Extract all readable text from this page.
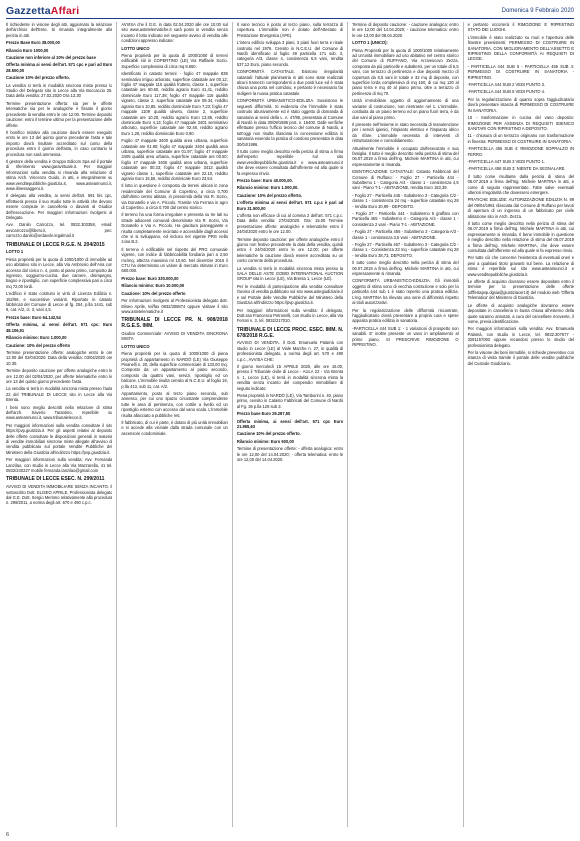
GazzettaAffari	Domenica 9 Febbraio 2020

Il richiedente in visione degli atti, aggiornato la relazione dell'archivio dell'Ente. Si rimanda integralmente alla perizia in atti.

Prezzo Base Euro 38.000,00

Rilancio Euro 1000,00

Cauzione non inferiore al 10% del prezzo base

Offerta minima ai sensi dell'art. 571 cpc e pari ad Euro 28.500,00

Cauzione 10% del prezzo offerto.

La vendita si terrà in modalità sincrona mista presso lo Studio del Delegato sito in Lecce alla Via Boccaccio 25. Data della vendita: 27.02.2020 Ora 13.30

Termine presentazione offerta: sia per le offerte telematiche sia per le analogiche è fissato il giorno precedente la vendita entro le ore 12.00. Termine deposito cauzione: entro il termine ultimo per la presentazione delle offerte.

Il bonifico relativo alla cauzione dovrà essere eseguito entro le ore 13 del quinto giorno precedente l'asta e tale importo dovrà risultare accreditato sul conto della procedura entro il giorno dell'asta, in caso contrario la procedura non sarà ammessa.

Il gestore della vendita è Gruppo Edicom Spa ed il portale di riferimento www.garavirtuale.it. Per maggiori informazioni sulla vendita si rimanda alla relazione di stima Arch. Vincenzo Guido, in atti, e integralmente su www.venditepubbliche.giustizia.it, www.asteannunci.it, www.ilmessaggero.it.

Il delegato alla vendita, ai sensi dell'art. 591 bis cpc, effettuerà presso il suo studio tutte le attività che devono essere compiute in cancelleria o davanti al Giudice dell'esecuzione. Per maggiori informazioni rivolgersi al Delegato.

Avv. Danilo Carrozzo, tel. 0832.303358, email: avvcarrozzo@libero.it, pec: carrozzo.danilo@ordavvle.legalmail.it

TRIBUNALE DI LECCE R.G.E. N. 204/2015

LOTTO 1

Piena proprietà per la quota di 1000/1000 di immobile ad uso abitativo sito in Lecce, alla Via Ambrosio dell'Aria con accesso dal civico n. 4, posto al piano primo, composto da ingresso, soggiorno-cucina, due camere, disimpegno, bagno e ripostiglio, con superficie complessiva pari a circa mq 72,00 lordi.

L'edificio è stato costruito in virtù di Licenza Edilizia n. 152/66, e successive varianti. Riportato in catasto fabbricati del Comune di Lecce al fg. 254, p.lla 1441, sub 9, cat. A/2, cl. 3, vani 4,5.

Prezzo base: Euro 64.142,54

Offerta minima, ai sensi dell'art. 571 cpc: Euro 48.106,91

Rilancio minimo: Euro 1.000,00

Cauzione: 10% del prezzo offerto

Termine presentazione offerte: analogiche entro le ore 12.00 del 02/04/2020. Data della vendita: 03/04/2020 ore 10.30.

Termine deposito cauzione per offerte analogiche entro le ore 12.00 del 02/04/2020, per offerte telematiche entro le ore 13 del quinto giorno precedente l'asta.

La vendita si terrà in modalità sincrona mista presso l'aula 22 del TRIBUNALE DI LECCE sito in Lecce alla Via Brenta.

I beni sono meglio descritti nella relazione di stima dell'arch. Saverio Tarantino, reperibile su www.asteannunci.it, www.tribunalelecce.it.

Per maggiori informazioni sulla vendita consultare il sito https://pvp.giustizia.it. Per gli aspetti relativi al deposito delle offerte consultare le disposizioni generali in materia di vendite immobiliari sincrone miste allegate all'avviso di vendita pubblicato sul portale Vendite Pubbliche del Ministero della Giustizia all'indirizzo https://pvp.giustizia.it.

Per maggiori informazioni sulla vendita: Avv. Fernanda Lanzilao, con studio in Lecce alla Via Mazzarella, 41 tel. 0832/240227 mobile fernanda.lanzilao@gmail.com

TRIBUNALE DI LECCE ESEC. N. 299/2011

AVVISO DI VENDITA IMMOBILIARE SENZA INCANTO. Il sottoscritto Dott. ELISEO APRILE, Professionista delegato dal G.E. Dott. Sergio Memmo relativamente alla procedura n. 299/2011, a norma degli art. 570 e 490 c.p.c.

AVVISA che il G.E. in data 02.04.2020 alle ore 10.00 sul sito www.astetelematiche.it sarà posto in vendita senza incanto il lotto indicato nel seguente avviso di vendita alle condizioni appresso indicate:

LOTTO UNICO

Piena proprietà per la quota di 1000/1000 di terreni edificabili siti in COPERTINO (LE) Via Raffaele Sozio. Superficie complessiva di circa mq 8.650.

Identificato in catasto terreni: - foglio 47 mappale 839 seminativo irriguo arborato, superficie catastale are 00.12; foglio 47 mappale 115 qualità frutteto, classe 1, superficie catastale are 60.60, reddito agrario Euro 41,41, reddito dominicale Euro 117,38; foglio 47 mappale 116 qualità vigneto, classe 2, superficie catastale are 09.34, reddito agrario Euro 10,85, reddito dominicale Euro 7,23; foglio 47 mappale 1109 qualità uliveto, classe 2, superficie catastale are 10.20, reddito agrario Euro 13,85, reddito dominicale Euro 4,13; foglio 47 mappale 3401 seminativo arborato, superficie catastale are 02.48, reddito agrario Euro 1,28, reddito dominicale Euro 0,90.

Foglio 47 mappale 3400 qualità area urbana, superficie catastale are 01.90; foglio 47 mappale 3404 qualità area urbana, superficie catastale are 01.97; foglio 47 mappale 3405 qualità area urbana, superficie catastale are 00.50; foglio 47 mappale 3406 qualità area urbana, superficie catastale are 00.33; foglio 47 mappale 3413 qualità vigneto classe 1, superficie catastale are 22.10, reddito agrario Euro 16,55, reddito dominicale Euro 23,54.

Il lotto in questione è composto da terreni ubicati in zona residenziale del Comune di Copertino, a circa 0,700 dall'ultimo centro abitato, in prossimità della Via R. Sozio, via Donatello e via A. Piccolo. Tramite Via Ferrara in agro di Copertino, a circa 0,700 dal centro storico.

Il terreno ha una forma irregolare e presenta su tre lati su strade adiacenti comunali denominate Via R. Sozio, Via Donatello e Via A. Piccolo. Ha giacitura pianeggiante e risulta completamente recintato e accessibile dagli accessi che vi si sviluppano, ed incluso nel vigente PRG nella zona B.2.

Il terreno è edificabile nel rispetto del PRG comunale vigente, con indice di fabbricabilità fondiaria pari a 2,50 mc/mq, altezza massima ml 10,50. Nel dicembre 2016 il CTU ha determinato un valore di mercato stimato in Euro 680.000.

Prezzo base: Euro 330.000,00

Rilancio minimo: Euro 10.000,00

Cauzione: 10% del prezzo offerto

Per informazioni rivolgersi al Professionista delegato dott. Eliseo Aprile, tel/fax 0832/308874 oppure visitare il sito www.astetelematiche.it

TRIBUNALE DI LECCE PR. N. 908/2018 R.G.E.S. IMM.

Giudice Commerciale: AVVISO DI VENDITA SINCRONA MISTA

LOTTO UNICO

Piena proprietà per la quota di 1000/1000 di piena proprietà di appartamento in NARDÒ (LE) Via Giuseppe Pisanelli n. 20, della superficie commerciale di 133,00 mq. Composto da: un appartamento al piano secondo, composto da quattro vani, servizi, ripostiglio ed un balcone. L'immobile risulta censito al N.C.E.U. al foglio 19, p.lla 413, sub 11, cat. A/2.

Appartamento, posto al terzo piano secondo, sub annesso, per cui uno spazio circostante comprendente tutte le area di pertinenza, con cortile a livello ed un ripostiglio esterno con accesso dal vano scala. L'immobile risulta allacciato a pubbliche reti.

Il fabbricato, di cui è parte, è dotato di più unità immobiliari e si accede alla vicinale dalla strada comunale con un ascensore condominiale.

Il vano tecnico è posto al terzo piano, sulla terrazza di copertura. L'immobile non è dotato dell'Attestato di Prestazione Energetica (APE).

L'intero edificio sviluppa 3 piani, 3 piani fuori terra e risale costruito nel 1976. Censito in N.C.E.U. del Comune di Nardò identificato al foglio 49 particella 171 sub. 3, categoria A/3, classe 4, consistenza 6,5 vani, rendita 537,12 Euro, piano secondo.

CONFORMITÀ CATASTALE. Esistono irregolarità catastali: l'attuale planimetria in atti sono state realizzati alcuni tramezzi corrispondenti a due posti luce ed è stata chiusa una porta nel corridoio, e pertanto è necessario far redigere la nuova pratica catastale.

CONFORMITÀ URBANISTICO-EDILIZIA. Sussistono le seguenti difformità. Si evidenzia che l'immobile è stato costruito abusivamente ed è stato oggetto di domanda di sanatoria ai sensi della L. n. 47/85, presentata al Comune di Nardò in data 30/09/1986 prot. n. 16400. Dalle verifiche effettuate presso l'ufficio tecnico del comune di Nardò, a tutt'oggi non risulta rilasciata la concessione edilizia in sanatoria essendo la pratica di condono presentata in data 30/04/1986.

Il tutto come meglio descritto nella perizia di stima a firma dell'esperto reperibile sul sito www.venditepubbliche.giustizia.it e www.asteannunci.it che deve essere consultata dall'offerente ed alla quale si fa espresso rinvio.

Prezzo base: Euro 40.000,00.

Rilancio minimo: Euro 1.000,00.

Cauzione: 10% del prezzo offerto.

L'offerta minima ai sensi dell'art. 571 c.p.c è pari ad Euro 31.500,00

L'offerta non efficace di cui al comma 2 dell'art. 571 c.p.c. Data della vendita: 27/04/2020. Ora: 15.00 Termine presentazione offerte: analogiche e telematiche entro il 24/04/2020 entro le ore 12.00.

Termine deposito cauzione: per offerte analogiche entro il giorno non festivo precedente la data della vendita, quindi entro il 24/04/2020 entro le ore 12.00; per offerte telematiche la cauzione dovrà essere accreditata su un conto corrente della procedura.

La vendita si terrà in modalità sincrona mista presso la SALA DELLE ASTE GOBID INTERNATIONAL AUCTION GROUP sita in Lecce (LE), Via Brenta 1, Lecce (LE).

Per le modalità di partecipazione alla vendita consultare l'avviso di vendita pubblicato sul sito www.astegiudiziarie.it e sul Portale delle Vendite Pubbliche del Ministero della Giustizia all'indirizzo https://pvp.giustizia.it.

Per maggiori informazioni sulla vendita: il delegato, Dott.ssa Francesca Petronelli, con studio in Lecce, alla Via Ferrari n. 3, tel. 0832/217010.

TRIBUNALE DI LECCE PROC. ESEC. IMM. N. 678/2018 R.G.E.

AVVISO DI VENDITA. Il Dott. Emanuela Palamà con studio in Lecce (LE) al Viale Marche n. 27, in qualità di professionista delegato, a norma degli art. 570 e 490 c.p.c., AVVISA CHE:

Il giorno mercoledì 15 APRILE 2020, alle ore 16.00, presso il Tribunale civile di Lecce - AULA 22 - Via Brenta n. 1, Lecce (LE), si terrà in modalità sincrona mista la vendita senza incanto del compendio immobiliare di seguito indicato:

Piena proprietà in NARDÒ (LE), Via Tamburini n. 40, piano primo, censito in Catasto Fabbricati del Comune di Nardò al Fg. 36 p.lla 128 sub 3.

Prezzo base Euro 29.287,50

Offerta minima, ai sensi dell'art. 571 cpc Euro 21.965,63

Cauzione 10% del prezzo offerto.

Rilancio minimo: Euro 500,00

Termine di presentazione offerte: - offerta analogica: entro le ore 12,00 del 14.04.2020; - offerta telematica: entro le ore 12,00 del 14.04.2020.

Termine di deposito cauzione: - cauzione analogica: entro le ore 12,00 del 14.04.2020; - cauzione telematica: entro le ore 13,00 del 08.04.2020.

LOTTO 1 (UNICO):

Piena Proprietà per la quota di 1000/1000 relativamente ad un'unità immobiliare ad uso abitativo nel centro storico del Comune di RUFFANO, Via Arcivescovo Zezza, composta da più particelle e subalterni, per un totale di 6,5 vani, con terrazzo di pertinenza e due depositi mezzo di copertura da 6,5 vani in totale e 32 mq di deposito, con superficie lorda complessiva di mq 160, di cui mq 120 al piano terra e mq 40 al piano primo, oltre a terrazzo di pertinenza di mq 70.

Unità immobiliare oggetto di aggiornamento di una variante di costruzione, non rientrante nel 1. L'immobile, costituita da un piano terreno ed un piano fuori terra, è da due vani al piano primo.

Il presente nell'insieme in stato necessita di manutenzione per i servizi igienici, l'impianto elettrico e l'impianto idrico da rifare. L'immobile necessita di interventi di ristrutturazione e consolidamento.

Attualmente l'immobile è occupato dall'esecutato e sua famiglia. Il tutto è meglio descritto nella perizia di stima del 06.07.2019 a firma dell'Ing. Michele MARTINA in atti, cui espressamente si rimanda.

IDENTIFICAZIONE CATASTALE: Catasto Fabbricati del Comune di Ruffano: - Foglio 27 - Particella 444 - Subalterno 1 - Categoria A/4 - classe 1 - consistenza 4,5 vani - Piano T-1 - ABITAZIONE, rendita Euro 153,39.

- Foglio 27 - Particella 445 - Subalterno 3 - Categoria C/2 - classe 1 - consistenza 24 mq - superficie catastale mq 28 - rendita Euro 30,99 - DEPOSITO.

- Foglio 27 - Particella 444 - Subalterno 5 graffato con Particella 455 - Subalterno 4 - Categoria A/4 - classe 1 - consistenza 2 vani - Piano T-1 - ABITAZIONE.

- Foglio 27 - Particella 456 - Subalterno 3 - Categoria A/3 - classe 1 - consistenza 3,5 vani - ABITAZIONE.

- Foglio 27 - Particella 457 - Subalterno 3 - Categoria C/2 - classe 1 - Consistenza 23 mq - superficie catastale mq 28 - rendita Euro 38,73, DEPOSITO.

Il tutto come meglio descritto nella perizia di stima del 06.07.2019 a firma dell'ing. Michele MARTINA in atti, cui espressamente si rimanda.

CONFORMITÀ URBANISTICO-EDILIZIA. Gli immobili oggetto di stima sono di vecchia costruzione e solo per la particella 444 sub 1 è stato reperito una pratica edilizia. L'ing. MARTINA ha rilevato una serie di difformità rispetto ai titoli autorizzativi.

Per la regolarizzazione delle difformità riscontrate, l'aggiudicatario dovrà presentare a propria cura e spese apposita pratica edilizia in sanatoria.

-PARTICELLA 444 SUB 1: - 1 variazioni di prospetto non sanabili. E' inoltre presente un vano in ampliamento al primo piano. SI PRESCRIVE RIMOZIONE O RIPRISTINO.

e pertanto occorrerà il RIMOZIONE E RIPRISTINO STATO DEI LUOGHI.

L'immobile è stato realizzato su muri e l'apertura delle finestre preesistenti: PERMESSO DI COSTRUIRE IN SANATORIA, CON MIGLIORAMENTO DELL'ASSETTO E RIPRISTINO DELLA CONFORMITÀ AI REQUISITI DI LEGGE.

- PARTICELLA 444 SUB 5 - PARTICELLA 455 SUB 4: PERMESSO DI COSTRUIRE IN SANATORIA - RIPRISTINO.

-PARTICELLA 444 SUB 2 VEDI PUNTO 3.

-PARTICELLA 444 SUB 5 VEDI PUNTO 4.

Per la regolarizzazione di quanto sopra l'aggiudicatario dovrà presentare istanza di PERMESSO DI COSTRUIRE IN SANATORIA.

10 - trasformazione in cucina del vano deposito: RIMOZIONE PER ASSENZA DI REQUISITI IGIENICO SANITARI CON RIPRISTINO A DEPOSITO.

11 - chiusura di un terrazzo originario con trasformazione in finestra: PERMESSO DI COSTRUIRE IN SANATORIA.

-PARTICELLA 456 SUB 4: RIMOZIONE SOPRALZO IN FERRO.

-PARTICELLA 447 SUB 3 VEDI PUNTO 1.

-PARTICELLA 458 SUB 3: NIENTE DA SEGNALARE.

Il tutto come risultante dalla perizia di stima del 06.07.2019 a firma dell'Ing. Michele MARTINA in atti, e come di seguito rappresentato. Fatte salve eventuali ulteriori irregolarità che dovessero emergere.

PRATICHE EDILIZIE: AUTORIZZAZIONE EDILIZIA N. 99 del 09/04/1981 rilasciata dal Comune di Ruffano per lavori di apertura di un ingresso di un fabbricato per civile abitazione sito in Arch. Zezza.

Il tutto come meglio descritto nella perizia di stima del 06.07.2019 a firma dell'Ing. Michele MARTINA in atti, cui espressamente si rimanda. Il bene immobile in questione è meglio descritto nella relazione di stima del 06.07.2019 a firma dell'Ing. Michele MARTINA, che deve essere consultata dall'offerente ed alla quale si fa espresso rinvio.

Per tutto ciò che concerne l'esistenza di eventuali oneri e pesi a qualsiasi titolo gravanti sul bene. La relazione di stima è reperibile sul sito www.asteannunci.it e www.venditepubbliche.giustizia.it.

Le offerte di acquisto dovranno essere depositate entro il termine per la presentazione delle offerte (offfertapvp.dgsia@giustiziacert.it) del modulo web 'Offerta Telematica' del Ministero di Giustizia.

Le offerte di acquisto analogiche dovranno essere depositate in cancelleria in busta chiusa all'esterno della quale saranno annotati, a cura del cancelliere ricevente, il nome, previa identificazione.

Per maggiori informazioni sulla vendita: Avv. Emanuela Palamà, con studio in Lecce, tel. 0832.307577 - 3291157093 oppure recandosi presso lo studio del professionista delegato.

Per la visione dei beni immobile, si richiede preventivo con istanza di visita tramite il portale delle vendite pubbliche del Custode Giudiziario.

6
